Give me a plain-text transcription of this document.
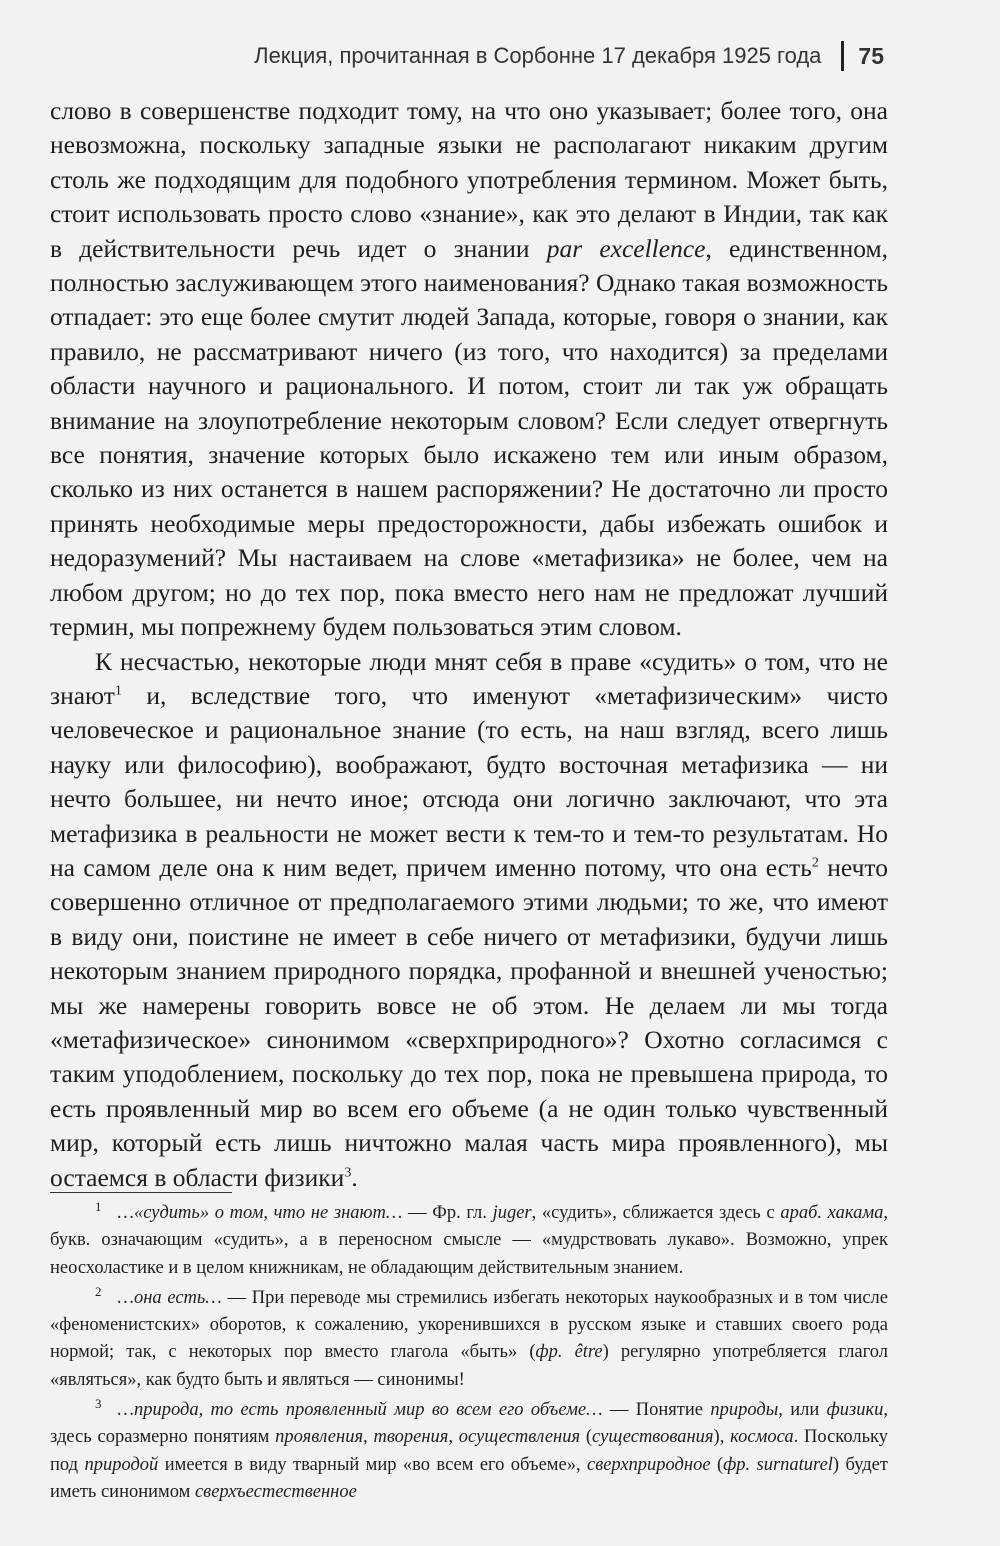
Лекция, прочитанная в Сорбонне 17 декабря 1925 года 75

слово в совершенстве подходит тому, на что оно указывает; более того, она невозможна, поскольку западные языки не располагают никаким другим столь же подходящим для подобного употребления термином. Может быть, стоит использовать просто слово «знание», как это делают в Индии, так как в действительности речь идет о знании par excellence, единственном, полностью заслуживающем этого наименования? Однако такая возможность отпадает: это еще более смутит людей Запада, которые, говоря о знании, как правило, не рассматривают ничего (из того, что находится) за пределами области научного и рационального. И потом, стоит ли так уж обращать внимание на злоупотребление некоторым словом? Если следует отвергнуть все понятия, значение которых было искажено тем или иным образом, сколько из них останется в нашем распоряжении? Не достаточно ли просто принять необходимые меры предосторожности, дабы избежать ошибок и недоразумений? Мы настаиваем на слове «метафизика» не более, чем на любом другом; но до тех пор, пока вместо него нам не предложат лучший термин, мы попрежнему будем пользоваться этим словом.

К несчастью, некоторые люди мнят себя в праве «судить» о том, что не знают$^1$ и, вследствие того, что именуют «метафизическим» чисто человеческое и рациональное знание (то есть, на наш взгляд, всего лишь науку или философию), воображают, будто восточная метафизика — ни нечто большее, ни нечто иное; отсюда они логично заключают, что эта метафизика в реальности не может вести к тем-то и тем-то результатам. Но на самом деле она к ним ведет, причем именно потому, что она есть$^2$ нечто совершенно отличное от предполагаемого этими людьми; то же, что имеют в виду они, поистине не имеет в себе ничего от метафизики, будучи лишь некоторым знанием природного порядка, профанной и внешней ученостью; мы же намерены говорить вовсе не об этом. Не делаем ли мы тогда «метафизическое» синонимом «сверхприродного»? Охотно согласимся с таким уподоблением, поскольку до тех пор, пока не превышена природа, то есть проявленный мир во всем его объеме (а не один только чувственный мир, который есть лишь ничтожно малая часть мира проявленного), мы остаемся в области физики$^3$.

$^1$ …«судить» о том, что не знают… — Фр. гл. juger, «судить», сближается здесь с араб. хакама, букв. означающим «судить», а в переносном смысле — «мудрствовать лукаво». Возможно, упрек неосхоластике и в целом книжникам, не обладающим действительным знанием.

$^2$ …она есть… — При переводе мы стремились избегать некоторых наукообразных и в том числе «феноменистских» оборотов, к сожалению, укоренившихся в русском языке и ставших своего рода нормой; так, с некоторых пор вместо глагола «быть» (фр. être) регулярно употребляется глагол «являться», как будто быть и являться — синонимы!

$^3$ …природа, то есть проявленный мир во всем его объеме… — Понятие природы, или физики, здесь соразмерно понятиям проявления, творения, осуществления (существования), космоса. Поскольку под природой имеется в виду тварный мир «во всем его объеме», сверхприродное (фр. surnaturel) будет иметь синонимом сверхъестественное
